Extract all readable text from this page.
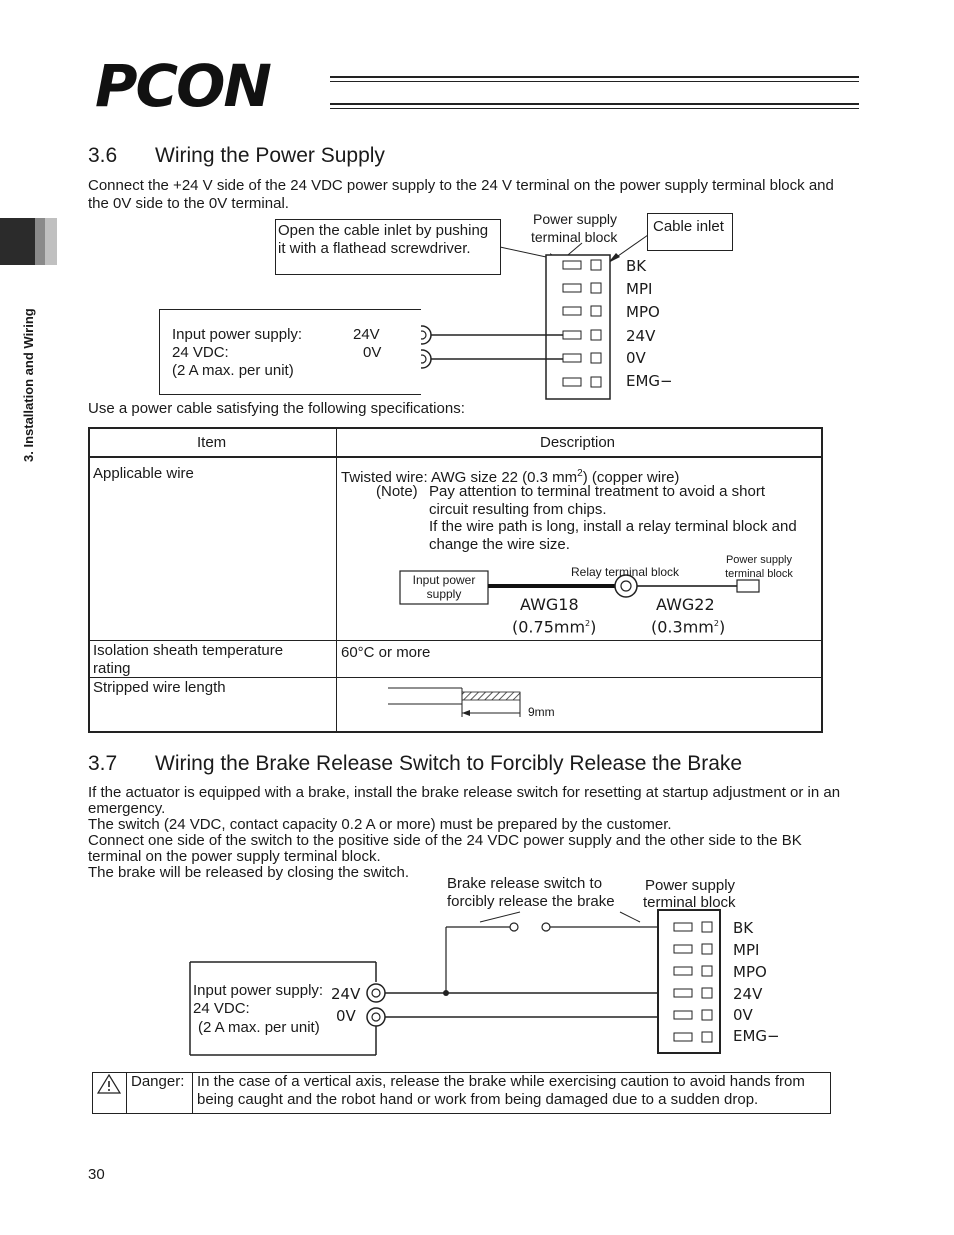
PCON
3. Installation and Wiring
3.6 Wiring the Power Supply
Connect the +24 V side of the 24 VDC power supply to the 24 V terminal on the power supply terminal block and
the 0V side to the 0V terminal.
Open the cable inlet by pushing
it with a flathead screwdriver.
Power supply
terminal block
Cable inlet
BK
MPI
MPO
24V
0V
EMG−
Input power supply:
24 VDC:
(2 A max. per unit)
24V
0V
Use a power cable satisfying the following specifications:
Item	Description
Applicable wire	Twisted wire: AWG size 22 (0.3 $mm^2$) (copper wire)
(Note) Pay attention to terminal treatment to avoid a short
circuit resulting from chips.
If the wire path is long, install a relay terminal block and
change the wire size.
Input power
supply
Relay terminal block
Power supply
terminal block
AWG18
$(0.75mm^2)$
AWG22
$(0.3mm^2)$
Isolation sheath temperature
rating
60°C or more
Stripped wire length
9mm
3.7 Wiring the Brake Release Switch to Forcibly Release the Brake
If the actuator is equipped with a brake, install the brake release switch for resetting at startup adjustment or in an
emergency.
The switch (24 VDC, contact capacity 0.2 A or more) must be prepared by the customer.
Connect one side of the switch to the positive side of the 24 VDC power supply and the other side to the BK
terminal on the power supply terminal block.
The brake will be released by closing the switch.
Brake release switch to
forcibly release the brake
Power supply
terminal block
BK
MPI
MPO
24V
0V
EMG−
Input power supply:
24 VDC:
(2 A max. per unit)
24V
0V
Danger: In the case of a vertical axis, release the brake while exercising caution to avoid hands from
being caught and the robot hand or work from being damaged due to a sudden drop.
30
